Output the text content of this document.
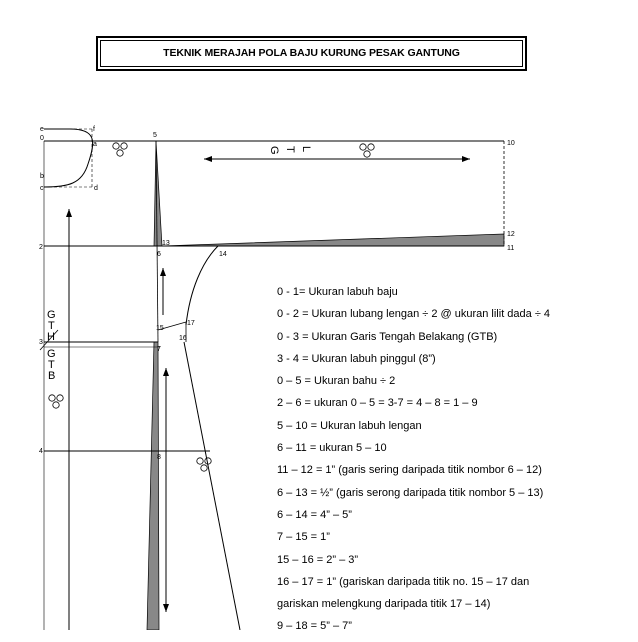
TEKNIK MERAJAH POLA BAJU KURUNG PESAK GANTUNG
e
0
f
a
b
c	d
5
10
12
11
2
13
6	14
15
17
16
3
7
4
8
G T L
G
T
H
G
T
B
0 - 1= Ukuran labuh baju
0 - 2 = Ukuran lubang lengan ÷ 2 @ ukuran lilit dada ÷ 4
0 - 3 = Ukuran Garis Tengah Belakang (GTB)
3 - 4 = Ukuran labuh pinggul (8”)
0 – 5 = Ukuran bahu ÷ 2
2 – 6 = ukuran 0 – 5 = 3-7 = 4 – 8 = 1 – 9
5 – 10 = Ukuran labuh lengan
6 – 11 = ukuran 5 – 10
11 – 12 = 1” (garis sering daripada titik nombor 6 – 12)
6 – 13 = ½” (garis serong daripada titik nombor 5 – 13)
6 – 14 = 4” – 5”
7 – 15 = 1”
15 – 16 = 2” – 3”
16 – 17 = 1” (gariskan daripada titik no. 15 – 17 dan
gariskan melengkung daripada titik 17 – 14)
9 – 18 = 5” – 7”
